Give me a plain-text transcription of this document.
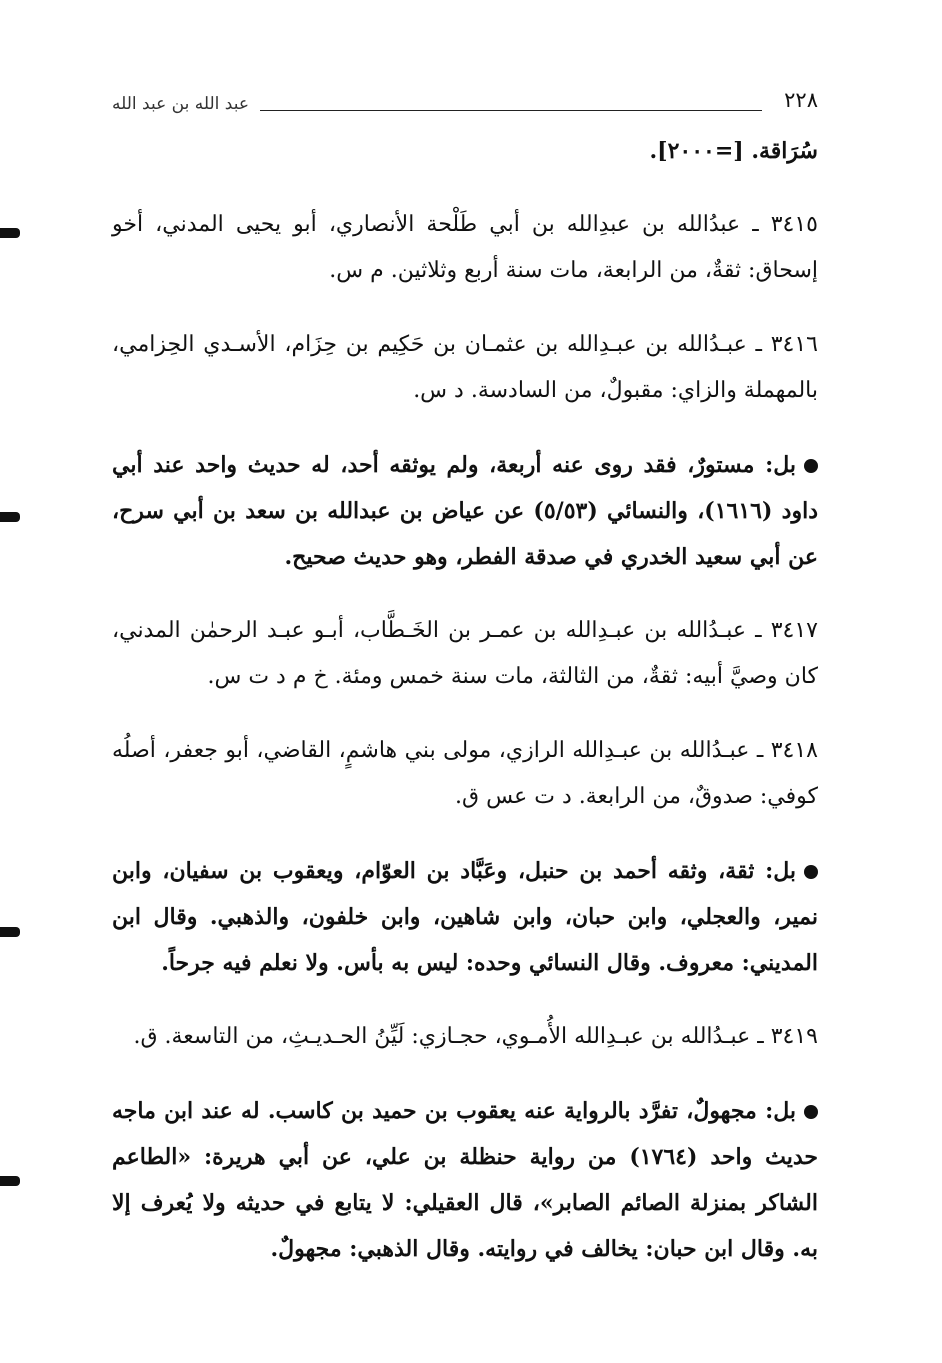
عبد الله بن عبد الله	٢٢٨

سُرَاقة. [=٢٠٠٠].

٣٤١٥ ـ عبدُالله بن عبدِالله بن أبي طَلْحة الأنصاري، أبو يحيى المدني، أخو إسحاق: ثقةٌ، من الرابعة، مات سنة أربع وثلاثين. م س.

٣٤١٦ ـ عبـدُالله بن عبـدِالله بن عثمـان بن حَكِيم بن حِزَام، الأسـدي الحِزامي، بالمهملة والزاي: مقبولٌ، من السادسة. د س.

بل: مستورٌ، فقد روى عنه أربعة، ولم يوثقه أحد، له حديث واحد عند أبي داود (١٦١٦)، والنسائي (٥/٥٣) عن عياض بن عبدالله بن سعد بن أبي سرح، عن أبي سعيد الخدري في صدقة الفطر، وهو حديث صحيح.

٣٤١٧ ـ عبـدُالله بن عبـدِالله بن عمـر بن الخَـطَّاب، أبـو عبـد الرحمٰن المدني، كان وصيَّ أبيه: ثقةٌ، من الثالثة، مات سنة خمس ومئة. خ م د ت س.

٣٤١٨ ـ عبـدُالله بن عبـدِالله الرازي، مولى بني هاشمٍ، القاضي، أبو جعفر، أصلُه كوفي: صدوقٌ، من الرابعة. د ت عس ق.

بل: ثقة، وثقه أحمد بن حنبل، وعَبَّاد بن العوّام، ويعقوب بن سفيان، وابن نمير، والعجلي، وابن حبان، وابن شاهين، وابن خلفون، والذهبي. وقال ابن المديني: معروف. وقال النسائي وحده: ليس به بأس. ولا نعلم فيه جرحاً.

٣٤١٩ ـ عبـدُالله بن عبـدِالله الأُمـوي، حجـازي: لَيِّنُ الحـديـثِ، من التاسعة. ق.

بل: مجهولٌ، تفرَّد بالرواية عنه يعقوب بن حميد بن كاسب. له عند ابن ماجه حديث واحد (١٧٦٤) من رواية حنظلة بن علي، عن أبي هريرة: «الطاعم الشاكر بمنزلة الصائم الصابر»، قال العقيلي: لا يتابع في حديثه ولا يُعرف إلا به. وقال ابن حبان: يخالف في روايته. وقال الذهبي: مجهولٌ.
